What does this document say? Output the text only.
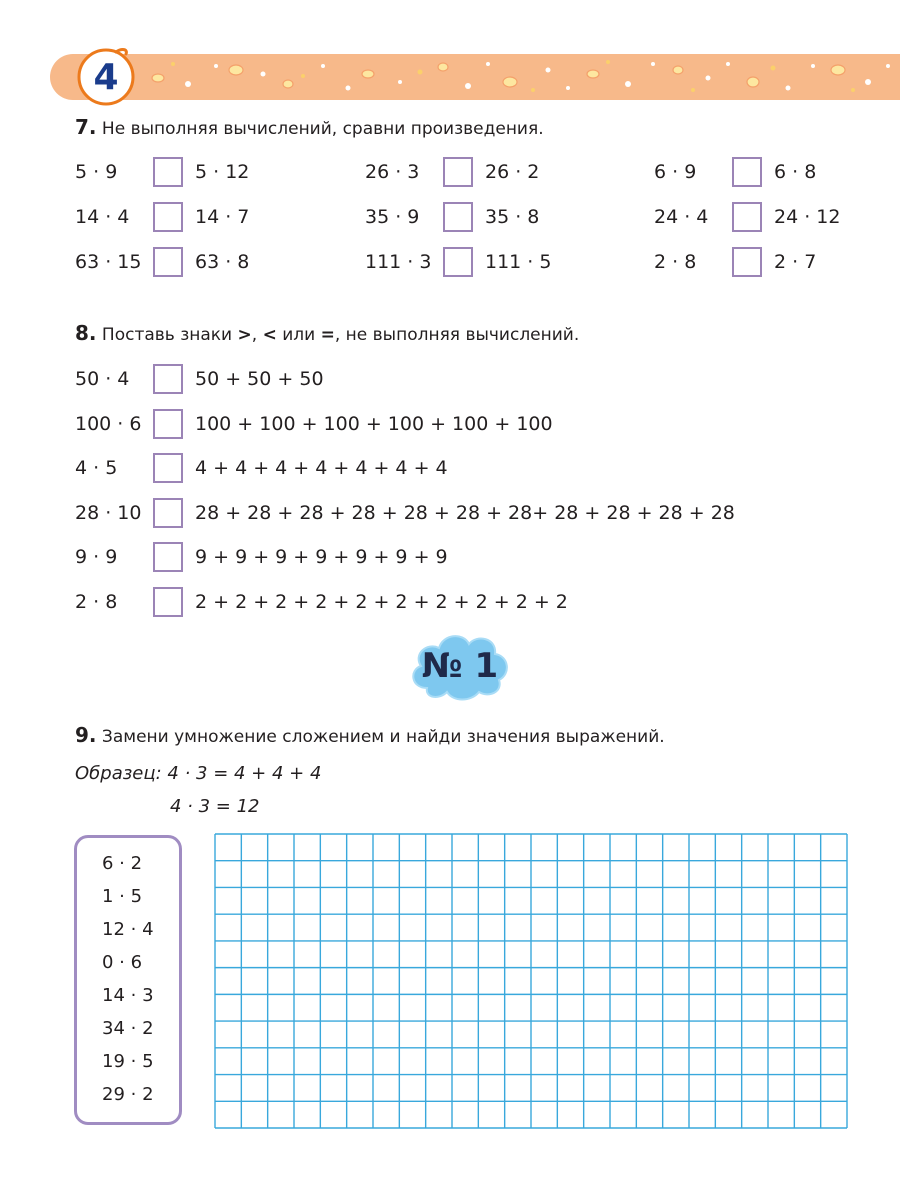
4
7. Не выполняя вычислений, сравни произведения.
5 · 9	5 · 12	26 · 3	26 · 2	6 · 9	6 · 8
14 · 4	14 · 7	35 · 9	35 · 8	24 · 4	24 · 12
63 · 15	63 · 8	111 · 3	111 · 5	2 · 8	2 · 7
8. Поставь знаки >, < или =, не выполняя вычислений.
50 · 4	50 + 50 + 50
100 · 6	100 + 100 + 100 + 100 + 100 + 100
4 · 5	4 + 4 + 4 + 4 + 4 + 4 + 4
28 · 10	28 + 28 + 28 + 28 + 28 + 28 + 28+ 28 + 28 + 28 + 28
9 · 9	9 + 9 + 9 + 9 + 9 + 9 + 9
2 · 8	2 + 2 + 2 + 2 + 2 + 2 + 2 + 2 + 2 + 2
№ 1
9. Замени умножение сложением и найди значения выражений.
Образец: 4 · 3 = 4 + 4 + 4
4 · 3 = 12
6 · 2
1 · 5
12 · 4
0 · 6
14 · 3
34 · 2
19 · 5
29 · 2
